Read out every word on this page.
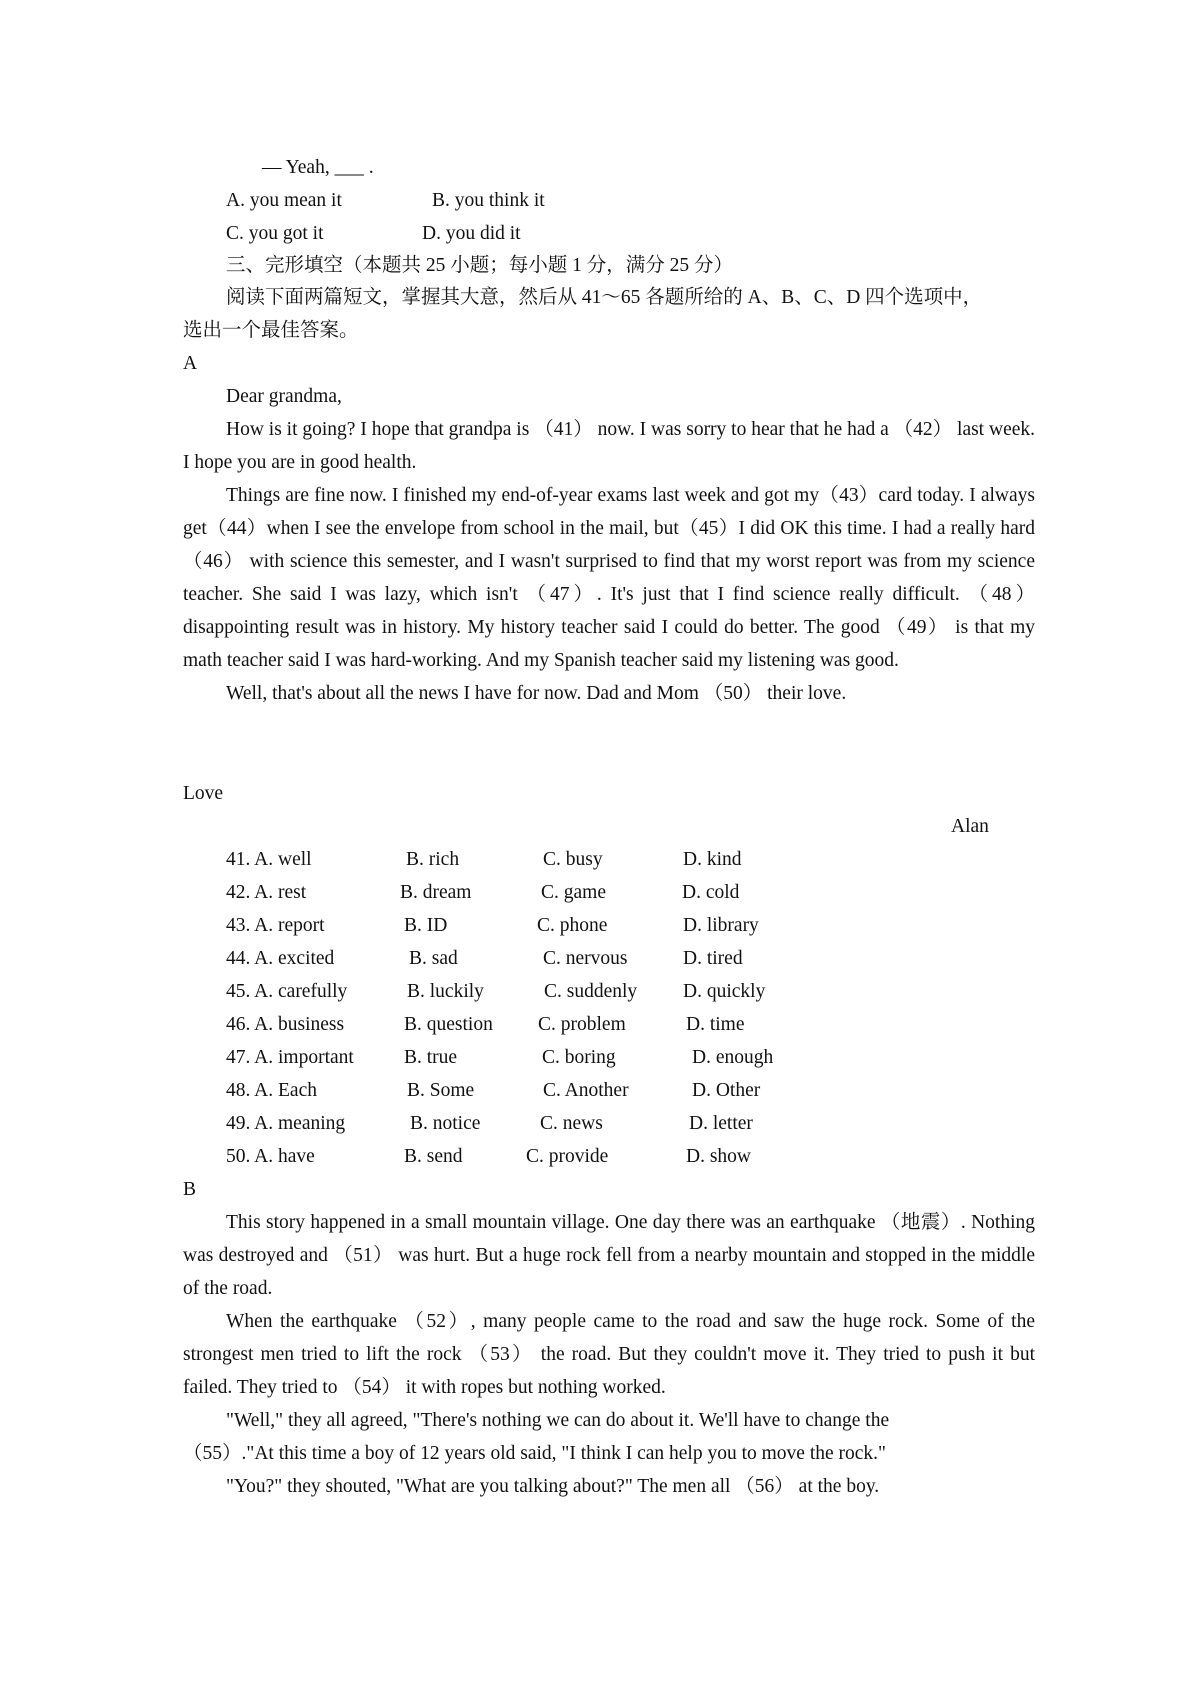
— Yeah, ___ .
A. you mean it	B. you think it
C. you got it	D. you did it
三、完形填空（本题共 25 小题；每小题 1 分，满分 25 分）
阅读下面两篇短文，掌握其大意，然后从 41～65 各题所给的 A、B、C、D 四个选项中，
选出一个最佳答案。
A
Dear grandma,

How is it going? I hope that grandpa is （41） now. I was sorry to hear that he had a （42） last week. I hope you are in good health.

Things are fine now. I finished my end-of-year exams last week and got my（43）card today. I always get（44）when I see the envelope from school in the mail, but（45）I did OK this time. I had a really hard （46） with science this semester, and I wasn't surprised to find that my worst report was from my science teacher. She said I was lazy, which isn't （47）. It's just that I find science really difficult. （48） disappointing result was in history. My history teacher said I could do better. The good （49） is that my math teacher said I was hard-working. And my Spanish teacher said my listening was good.

Well, that's about all the news I have for now. Dad and Mom （50） their love.

Love
Alan
41. A. well	B. rich	C. busy	D. kind
42. A. rest	B. dream	C. game	D. cold
43. A. report	B. ID	C. phone	D. library
44. A. excited	B. sad	C. nervous	D. tired
45. A. carefully	B. luckily	C. suddenly D. quickly
46. A. business	B. question C. problem	D. time
47. A. important	B. true	C. boring	D. enough
48. A. Each	B. Some	C. Another	D. Other
49. A. meaning	B. notice	C. news	D. letter
50. A. have	B. send	C. provide	D. show
B

This story happened in a small mountain village. One day there was an earthquake （地震）. Nothing was destroyed and （51） was hurt. But a huge rock fell from a nearby mountain and stopped in the middle of the road.

When the earthquake （52）, many people came to the road and saw the huge rock. Some of the strongest men tried to lift the rock （53） the road. But they couldn't move it. They tried to push it but failed. They tried to （54） it with ropes but nothing worked.

"Well," they all agreed, "There's nothing we can do about it. We'll have to change the
（55）."At this time a boy of 12 years old said, "I think I can help you to move the rock."
"You?" they shouted, "What are you talking about?" The men all （56） at the boy.
